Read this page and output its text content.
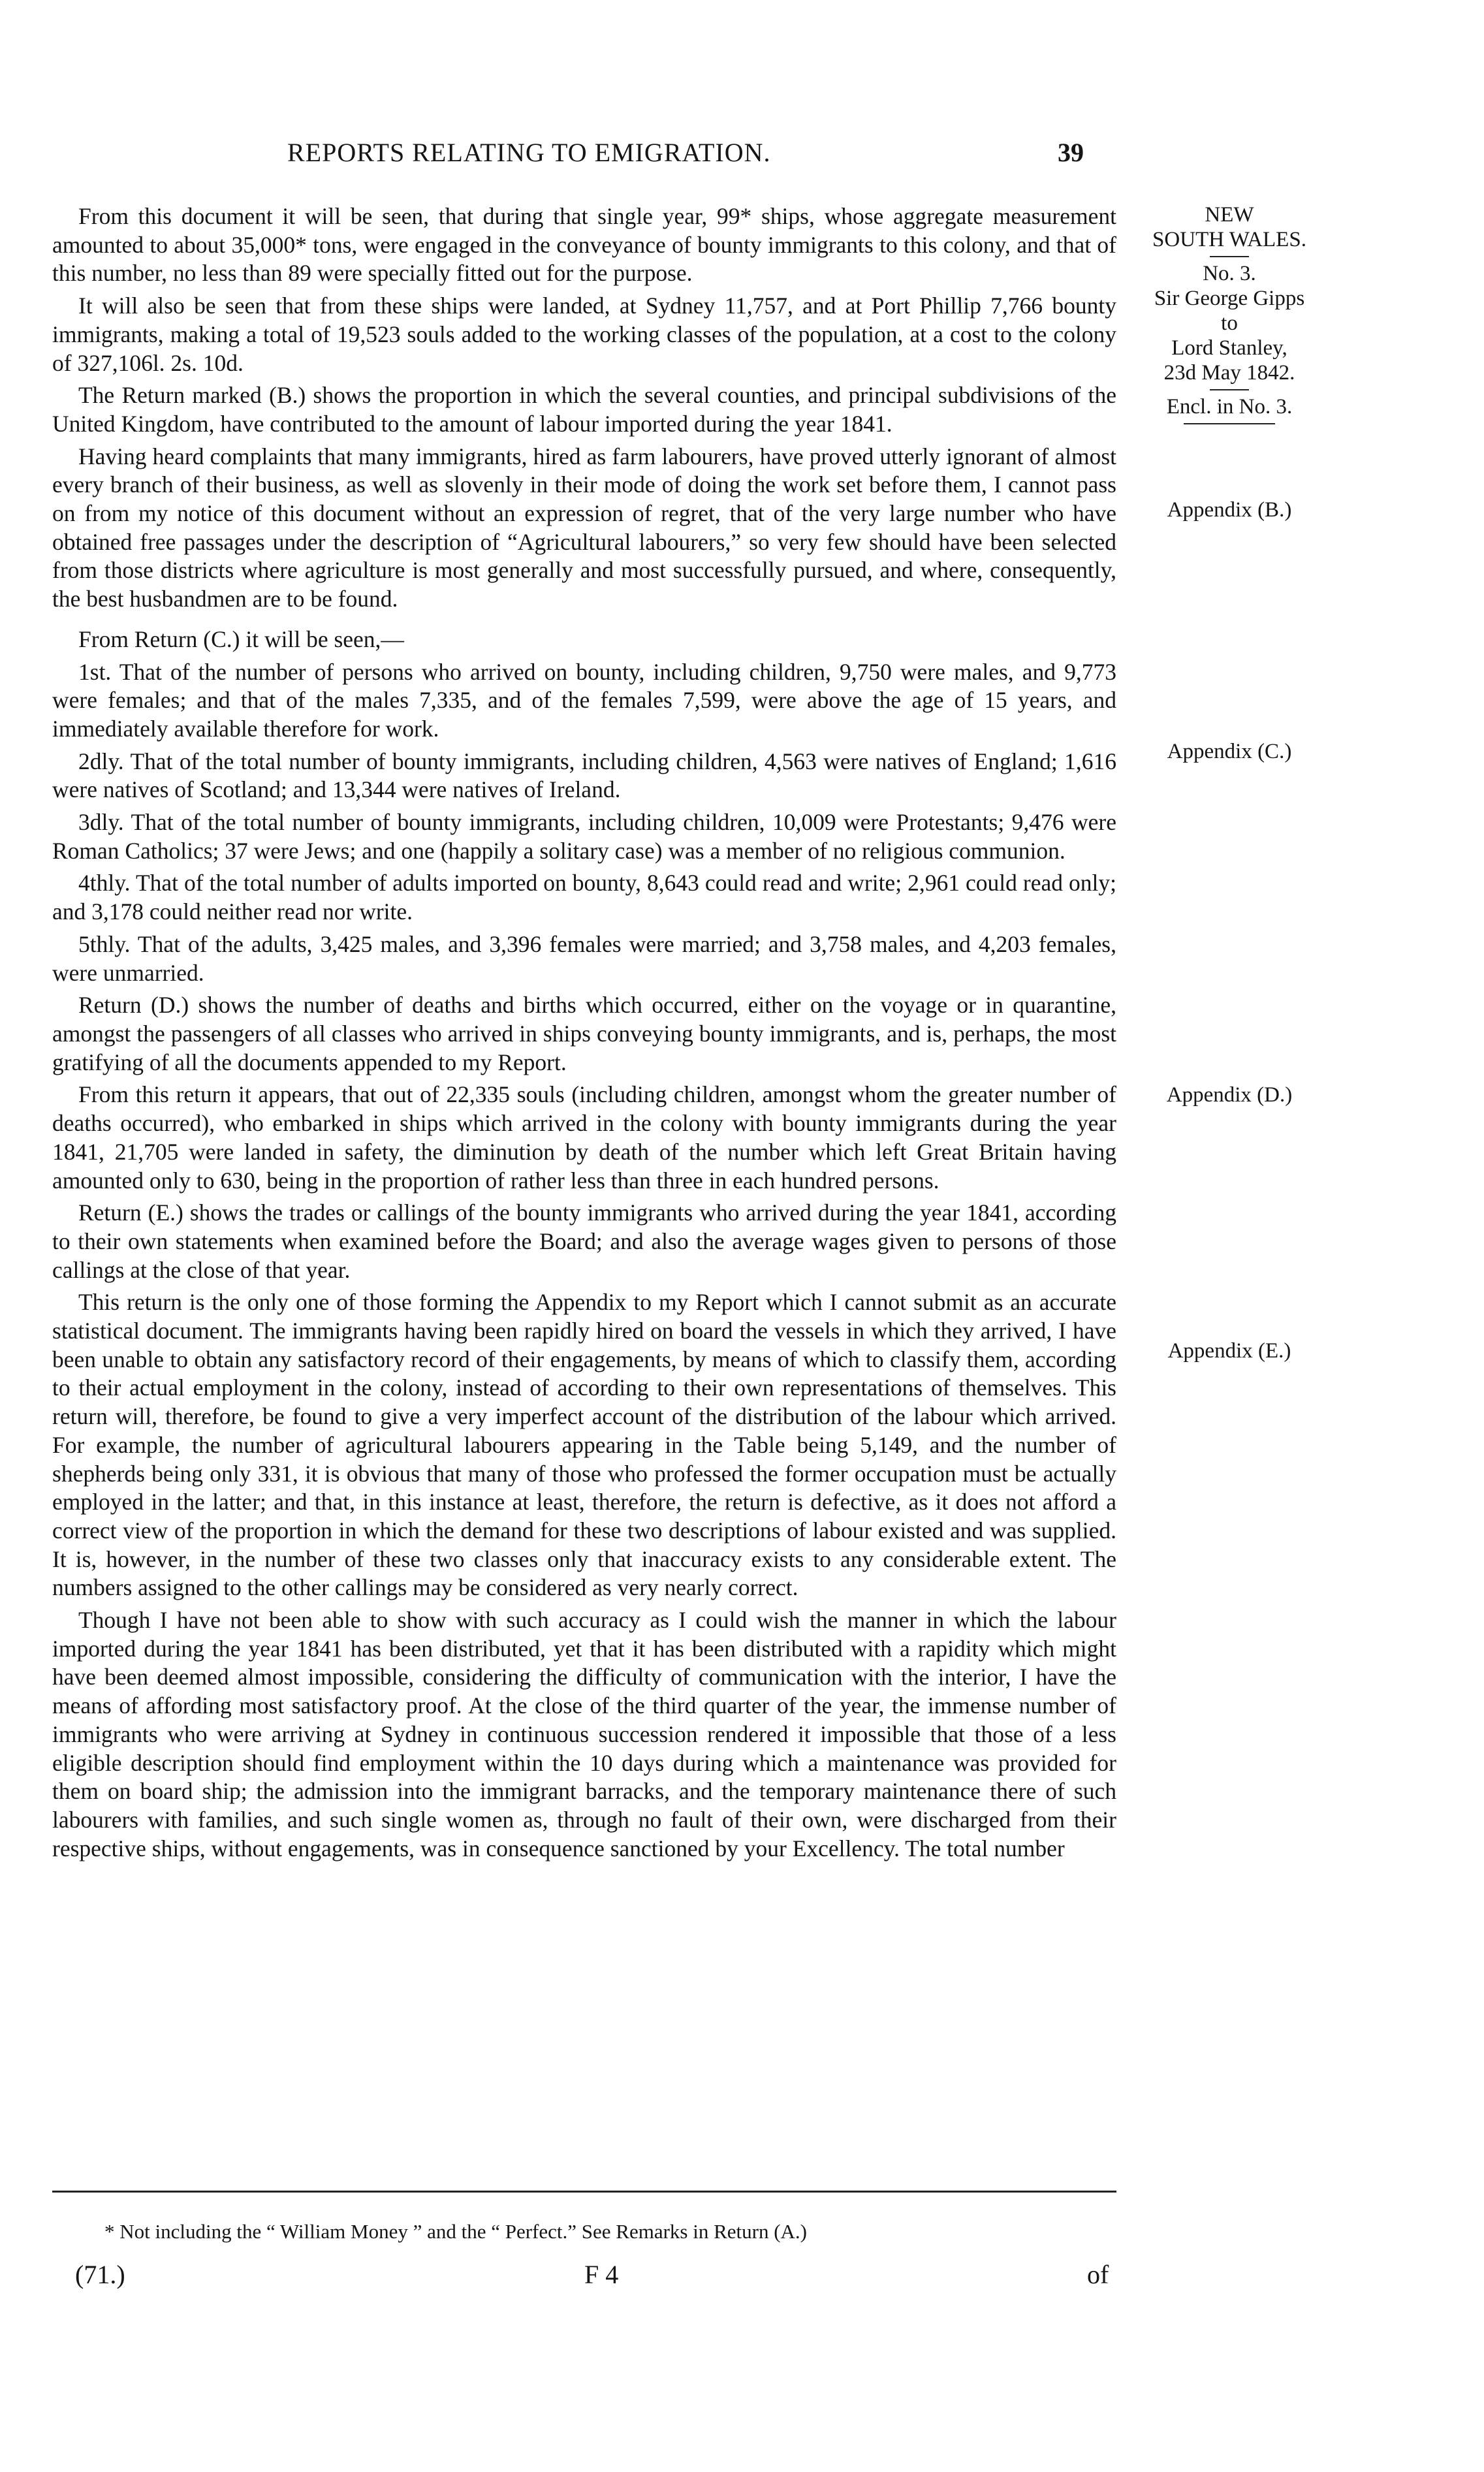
REPORTS RELATING TO EMIGRATION.	39

From this document it will be seen, that during that single year, 99* ships, whose aggregate measurement amounted to about 35,000* tons, were engaged in the conveyance of bounty immigrants to this colony, and that of this number, no less than 89 were specially fitted out for the purpose.

It will also be seen that from these ships were landed, at Sydney 11,757, and at Port Phillip 7,766 bounty immigrants, making a total of 19,523 souls added to the working classes of the population, at a cost to the colony of 327,106l. 2s. 10d.

The Return marked (B.) shows the proportion in which the several counties, and principal subdivisions of the United Kingdom, have contributed to the amount of labour imported during the year 1841.

Having heard complaints that many immigrants, hired as farm labourers, have proved utterly ignorant of almost every branch of their business, as well as slovenly in their mode of doing the work set before them, I cannot pass on from my notice of this document without an expression of regret, that of the very large number who have obtained free passages under the description of “Agricultural labourers,” so very few should have been selected from those districts where agriculture is most generally and most successfully pursued, and where, consequently, the best husbandmen are to be found.

From Return (C.) it will be seen,—

1st. That of the number of persons who arrived on bounty, including children, 9,750 were males, and 9,773 were females; and that of the males 7,335, and of the females 7,599, were above the age of 15 years, and immediately available therefore for work.

2dly. That of the total number of bounty immigrants, including children, 4,563 were natives of England; 1,616 were natives of Scotland; and 13,344 were natives of Ireland.

3dly. That of the total number of bounty immigrants, including children, 10,009 were Protestants; 9,476 were Roman Catholics; 37 were Jews; and one (happily a solitary case) was a member of no religious communion.

4thly. That of the total number of adults imported on bounty, 8,643 could read and write; 2,961 could read only; and 3,178 could neither read nor write.

5thly. That of the adults, 3,425 males, and 3,396 females were married; and 3,758 males, and 4,203 females, were unmarried.

Return (D.) shows the number of deaths and births which occurred, either on the voyage or in quarantine, amongst the passengers of all classes who arrived in ships conveying bounty immigrants, and is, perhaps, the most gratifying of all the documents appended to my Report.

From this return it appears, that out of 22,335 souls (including children, amongst whom the greater number of deaths occurred), who embarked in ships which arrived in the colony with bounty immigrants during the year 1841, 21,705 were landed in safety, the diminution by death of the number which left Great Britain having amounted only to 630, being in the proportion of rather less than three in each hundred persons.

Return (E.) shows the trades or callings of the bounty immigrants who arrived during the year 1841, according to their own statements when examined before the Board; and also the average wages given to persons of those callings at the close of that year.

This return is the only one of those forming the Appendix to my Report which I cannot submit as an accurate statistical document. The immigrants having been rapidly hired on board the vessels in which they arrived, I have been unable to obtain any satisfactory record of their engagements, by means of which to classify them, according to their actual employment in the colony, instead of according to their own representations of themselves. This return will, therefore, be found to give a very imperfect account of the distribution of the labour which arrived. For example, the number of agricultural labourers appearing in the Table being 5,149, and the number of shepherds being only 331, it is obvious that many of those who professed the former occupation must be actually employed in the latter; and that, in this instance at least, therefore, the return is defective, as it does not afford a correct view of the proportion in which the demand for these two descriptions of labour existed and was supplied. It is, however, in the number of these two classes only that inaccuracy exists to any considerable extent. The numbers assigned to the other callings may be considered as very nearly correct.

Though I have not been able to show with such accuracy as I could wish the manner in which the labour imported during the year 1841 has been distributed, yet that it has been distributed with a rapidity which might have been deemed almost impossible, considering the difficulty of communication with the interior, I have the means of affording most satisfactory proof. At the close of the third quarter of the year, the immense number of immigrants who were arriving at Sydney in continuous succession rendered it impossible that those of a less eligible description should find employment within the 10 days during which a maintenance was provided for them on board ship; the admission into the immigrant barracks, and the temporary maintenance there of such labourers with families, and such single women as, through no fault of their own, were discharged from their respective ships, without engagements, was in consequence sanctioned by your Excellency. The total number

NEW
SOUTH WALES.
No. 3.
Sir George Gipps
to
Lord Stanley,
23d May 1842.
Encl. in No. 3.
Appendix (B.)
Appendix (C.)
Appendix (D.)
Appendix (E.)
* Not including the “ William Money ” and the “ Perfect.” See Remarks in Return (A.)
(71.)	F 4	of
